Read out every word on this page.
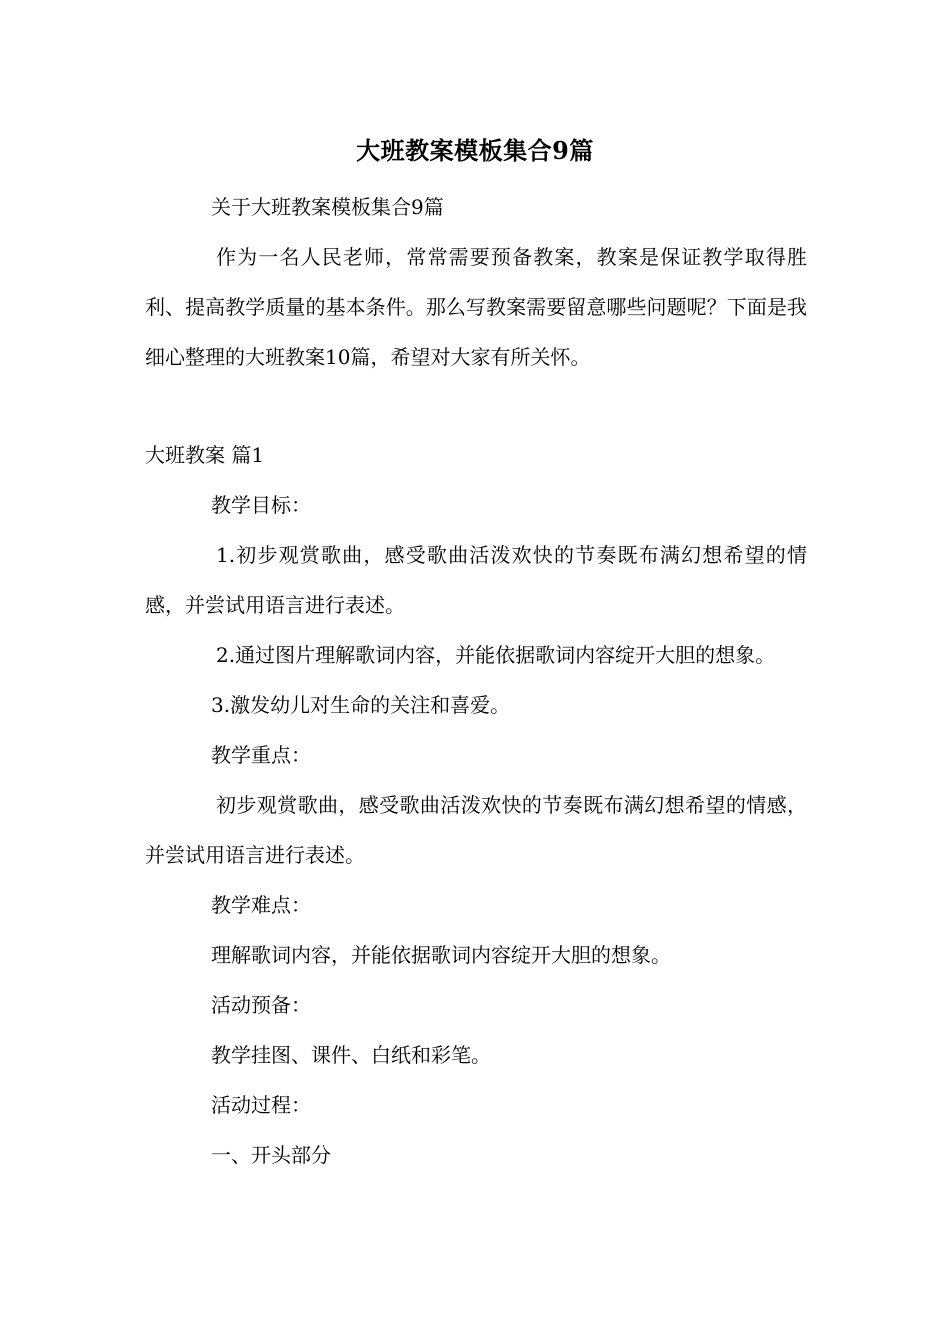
大班教案模板集合9篇

关于大班教案模板集合9篇

作为一名人民老师，常常需要预备教案，教案是保证教学取得胜利、提高教学质量的基本条件。那么写教案需要留意哪些问题呢？下面是我细心整理的大班教案10篇，希望对大家有所关怀。

大班教案 篇1

教学目标：

1.初步观赏歌曲，感受歌曲活泼欢快的节奏既布满幻想希望的情感，并尝试用语言进行表述。

2.通过图片理解歌词内容，并能依据歌词内容绽开大胆的想象。

3.激发幼儿对生命的关注和喜爱。

教学重点：

初步观赏歌曲，感受歌曲活泼欢快的节奏既布满幻想希望的情感，并尝试用语言进行表述。

教学难点：

理解歌词内容，并能依据歌词内容绽开大胆的想象。

活动预备：

教学挂图、课件、白纸和彩笔。

活动过程：

一、开头部分
